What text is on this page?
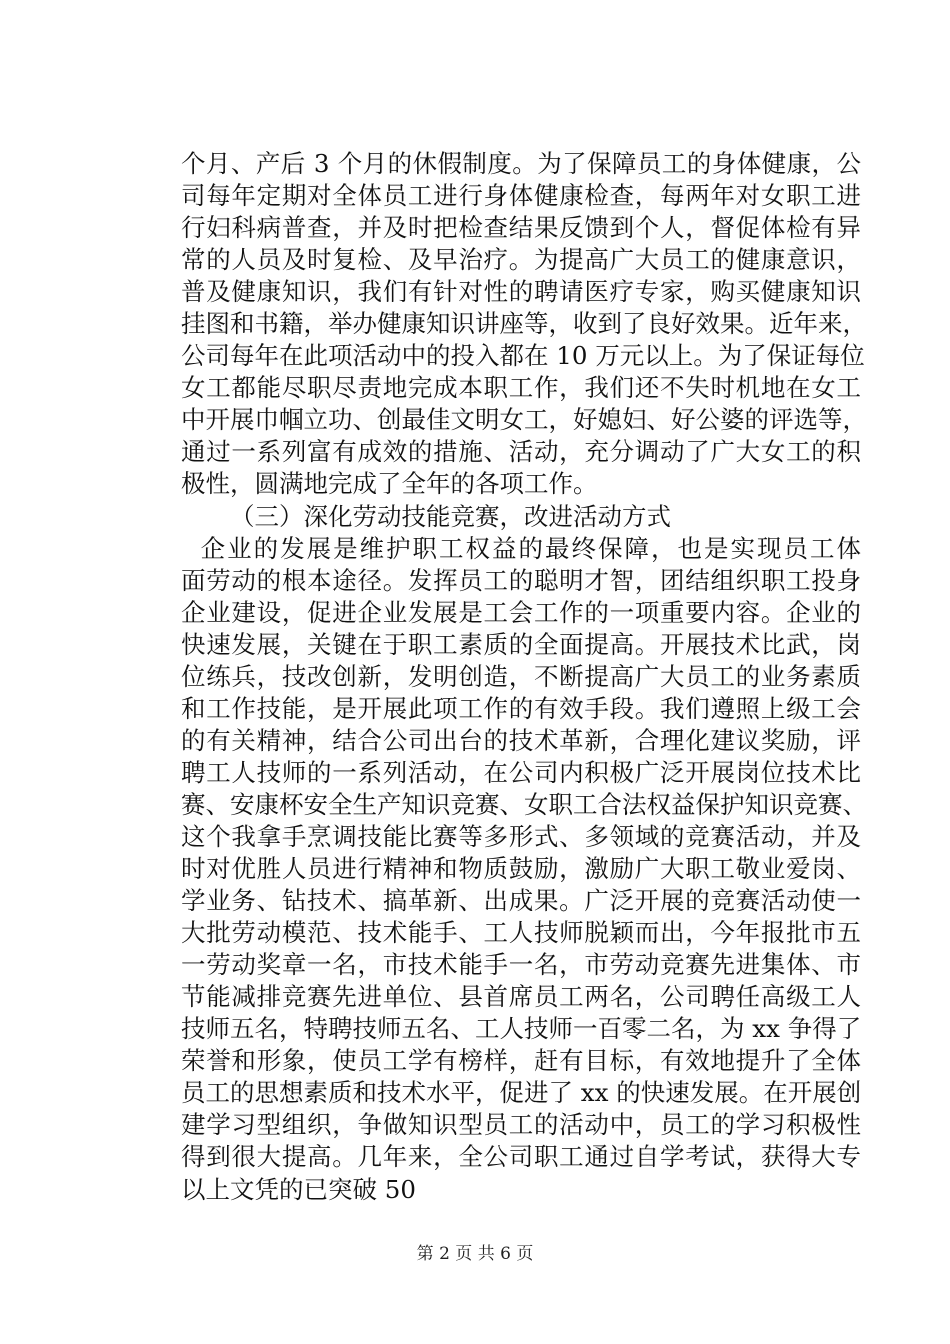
个月、产后 3 个月的休假制度。为了保障员工的身体健康，公
司每年定期对全体员工进行身体健康检查，每两年对女职工进
行妇科病普查，并及时把检查结果反馈到个人，督促体检有异
常的人员及时复检、及早治疗。为提高广大员工的健康意识，
普及健康知识，我们有针对性的聘请医疗专家，购买健康知识
挂图和书籍，举办健康知识讲座等，收到了良好效果。近年来，
公司每年在此项活动中的投入都在 10 万元以上。为了保证每位
女工都能尽职尽责地完成本职工作，我们还不失时机地在女工
中开展巾帼立功、创最佳文明女工，好媳妇、好公婆的评选等，
通过一系列富有成效的措施、活动，充分调动了广大女工的积
极性，圆满地完成了全年的各项工作。
（三）深化劳动技能竞赛，改进活动方式
企业的发展是维护职工权益的最终保障，也是实现员工体
面劳动的根本途径。发挥员工的聪明才智，团结组织职工投身
企业建设，促进企业发展是工会工作的一项重要内容。企业的
快速发展，关键在于职工素质的全面提高。开展技术比武，岗
位练兵，技改创新，发明创造，不断提高广大员工的业务素质
和工作技能，是开展此项工作的有效手段。我们遵照上级工会
的有关精神，结合公司出台的技术革新，合理化建议奖励，评
聘工人技师的一系列活动，在公司内积极广泛开展岗位技术比
赛、安康杯安全生产知识竞赛、女职工合法权益保护知识竞赛、
这个我拿手烹调技能比赛等多形式、多领域的竞赛活动，并及
时对优胜人员进行精神和物质鼓励，激励广大职工敬业爱岗、
学业务、钻技术、搞革新、出成果。广泛开展的竞赛活动使一
大批劳动模范、技术能手、工人技师脱颖而出，今年报批市五
一劳动奖章一名，市技术能手一名，市劳动竞赛先进集体、市
节能减排竞赛先进单位、县首席员工两名，公司聘任高级工人
技师五名，特聘技师五名、工人技师一百零二名，为 xx 争得了
荣誉和形象，使员工学有榜样，赶有目标，有效地提升了全体
员工的思想素质和技术水平，促进了 xx 的快速发展。在开展创
建学习型组织，争做知识型员工的活动中，员工的学习积极性
得到很大提高。几年来，全公司职工通过自学考试，获得大专
以上文凭的已突破 50
第 2 页 共 6 页
